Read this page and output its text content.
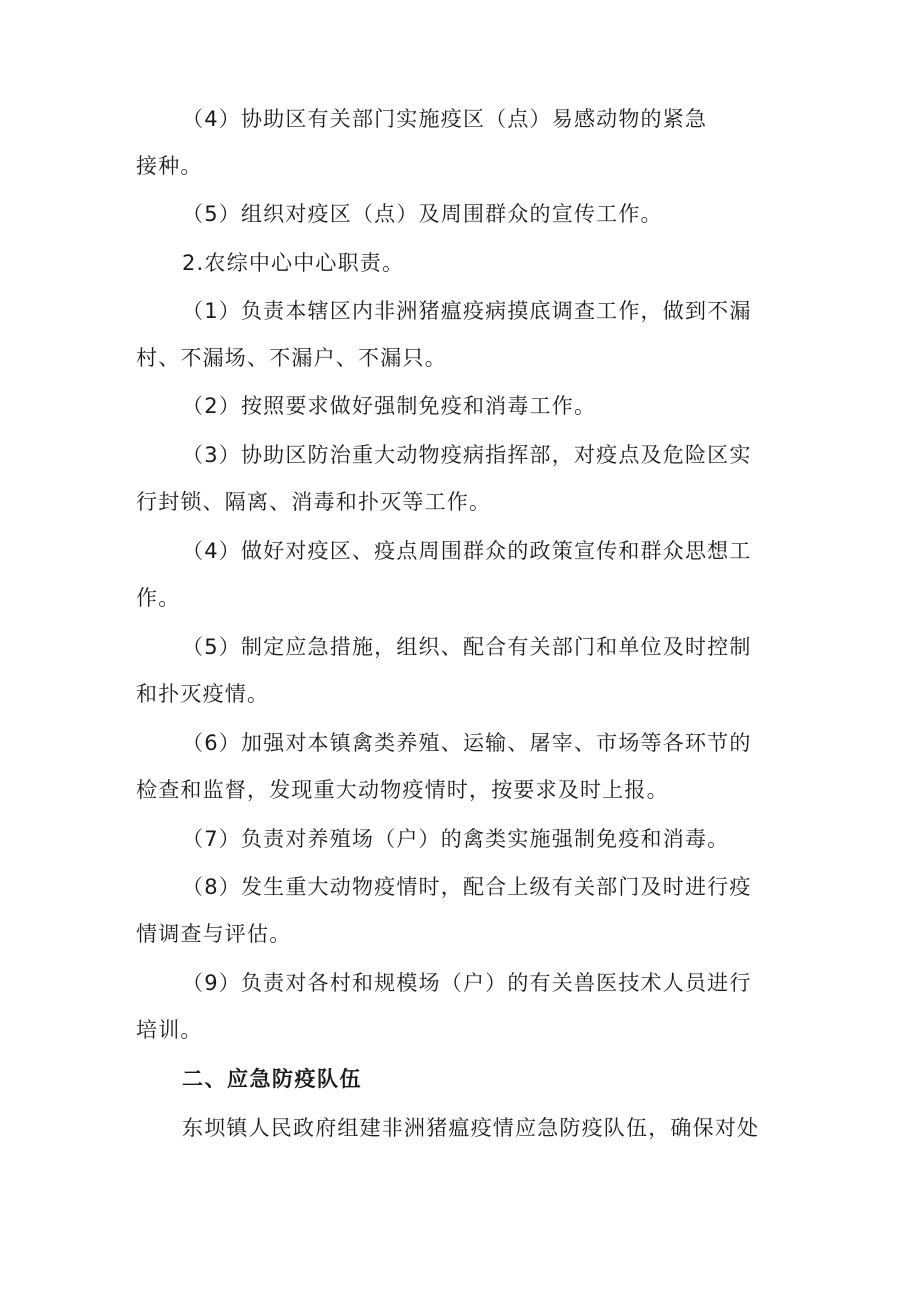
（4）协助区有关部门实施疫区（点）易感动物的紧急
接种。
（5）组织对疫区（点）及周围群众的宣传工作。
2.农综中心中心职责。
（1）负责本辖区内非洲猪瘟疫病摸底调查工作，做到不漏
村、不漏场、不漏户、不漏只。
（2）按照要求做好强制免疫和消毒工作。
（3）协助区防治重大动物疫病指挥部，对疫点及危险区实
行封锁、隔离、消毒和扑灭等工作。
（4）做好对疫区、疫点周围群众的政策宣传和群众思想工
作。
（5）制定应急措施，组织、配合有关部门和单位及时控制
和扑灭疫情。
（6）加强对本镇禽类养殖、运输、屠宰、市场等各环节的
检查和监督，发现重大动物疫情时，按要求及时上报。
（7）负责对养殖场（户）的禽类实施强制免疫和消毒。
（8）发生重大动物疫情时，配合上级有关部门及时进行疫
情调查与评估。
（9）负责对各村和规模场（户）的有关兽医技术人员进行
培训。
二、应急防疫队伍
东坝镇人民政府组建非洲猪瘟疫情应急防疫队伍，确保对处
